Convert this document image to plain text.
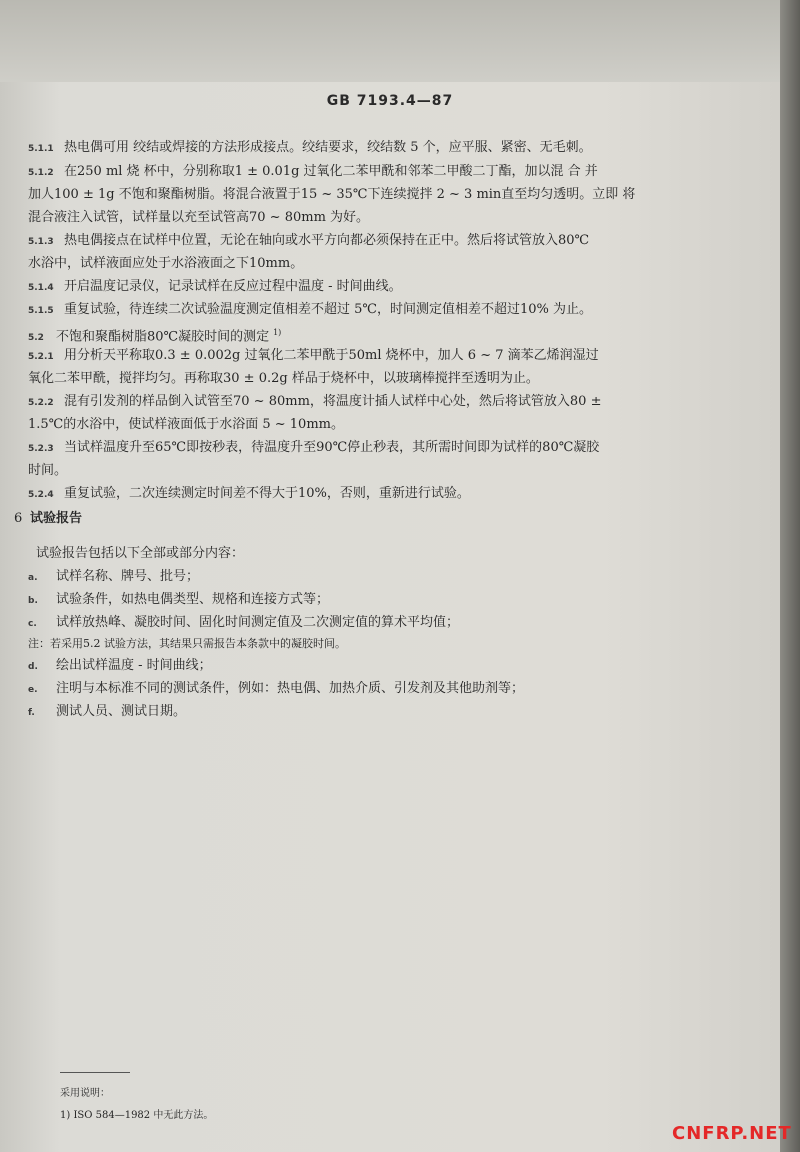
GB 7193.4—87
5.1.1 热电偶可用 绞结或焊接的方法形成接点。绞结要求，绞结数 5 个，应平服、紧密、无毛刺。
5.1.2 在250 ml 烧 杯中，分别称取1 ± 0.01g 过氧化二苯甲酰和邻苯二甲酸二丁酯，加以混 合 并
加人100 ± 1g 不饱和聚酯树脂。将混合液置于15 ~ 35℃下连续搅拌 2 ~ 3 min直至均匀透明。立即 将
混合液注入试管，试样量以充至试管高70 ~ 80mm 为好。
5.1.3 热电偶接点在试样中位置，无论在轴向或水平方向都必须保持在正中。然后将试管放入80℃
水浴中，试样液面应处于水浴液面之下10mm。
5.1.4 开启温度记录仪，记录试样在反应过程中温度 - 时间曲线。
5.1.5 重复试验，待连续二次试验温度测定值相差不超过 5℃，时间测定值相差不超过10% 为止。
5.2 不饱和聚酯树脂80℃凝胶时间的测定 $^{1)}$
5.2.1 用分析天平称取0.3 ± 0.002g 过氧化二苯甲酰于50ml 烧杯中，加人 6 ~ 7 滴苯乙烯润湿过
氧化二苯甲酰，搅拌均匀。再称取30 ± 0.2g 样品于烧杯中，以玻璃棒搅拌至透明为止。
5.2.2 混有引发剂的样品倒入试管至70 ~ 80mm，将温度计插人试样中心处，然后将试管放入80 ±
1.5℃的水浴中，使试样液面低于水浴面 5 ~ 10mm。
5.2.3 当试样温度升至65℃即按秒表，待温度升至90℃停止秒表，其所需时间即为试样的80℃凝胶
时间。
5.2.4 重复试验，二次连续测定时间差不得大于10%，否则，重新进行试验。
6 试验报告
试验报告包括以下全部或部分内容：
a. 试样名称、牌号、批号；
b. 试验条件，如热电偶类型、规格和连接方式等；
c. 试样放热峰、凝胶时间、固化时间测定值及二次测定值的算术平均值；
注：若采用5.2 试验方法，其结果只需报告本条款中的凝胶时间。
d. 绘出试样温度 - 时间曲线；
e. 注明与本标准不同的测试条件，例如：热电偶、加热介质、引发剂及其他助剂等；
f. 测试人员、测试日期。
采用说明：
1) ISO 584—1982 中无此方法。
CNFRP.NET
